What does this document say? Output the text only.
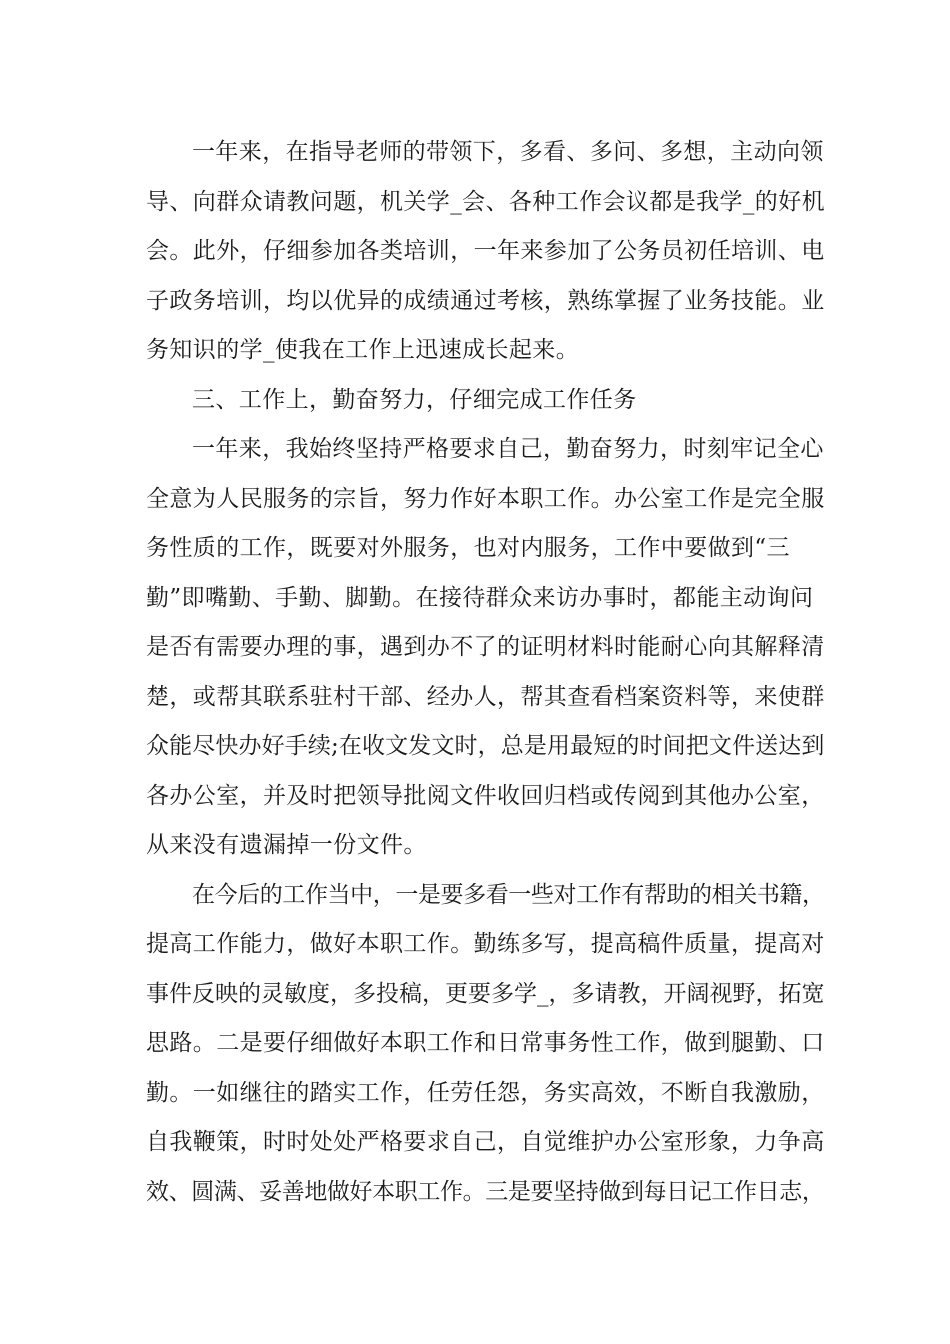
一年来，在指导老师的带领下，多看、多问、多想，主动向领
导、向群众请教问题，机关学_会、各种工作会议都是我学_的好机
会。此外，仔细参加各类培训，一年来参加了公务员初任培训、电
子政务培训，均以优异的成绩通过考核，熟练掌握了业务技能。业
务知识的学_使我在工作上迅速成长起来。
三、工作上，勤奋努力，仔细完成工作任务
一年来，我始终坚持严格要求自己，勤奋努力，时刻牢记全心
全意为人民服务的宗旨，努力作好本职工作。办公室工作是完全服
务性质的工作，既要对外服务，也对内服务，工作中要做到“三
勤”即嘴勤、手勤、脚勤。在接待群众来访办事时，都能主动询问
是否有需要办理的事，遇到办不了的证明材料时能耐心向其解释清
楚，或帮其联系驻村干部、经办人，帮其查看档案资料等，来使群
众能尽快办好手续;在收文发文时，总是用最短的时间把文件送达到
各办公室，并及时把领导批阅文件收回归档或传阅到其他办公室，
从来没有遗漏掉一份文件。
在今后的工作当中，一是要多看一些对工作有帮助的相关书籍，
提高工作能力，做好本职工作。勤练多写，提高稿件质量，提高对
事件反映的灵敏度，多投稿，更要多学_，多请教，开阔视野，拓宽
思路。二是要仔细做好本职工作和日常事务性工作，做到腿勤、口
勤。一如继往的踏实工作，任劳任怨，务实高效，不断自我激励，
自我鞭策，时时处处严格要求自己，自觉维护办公室形象，力争高
效、圆满、妥善地做好本职工作。三是要坚持做到每日记工作日志，
